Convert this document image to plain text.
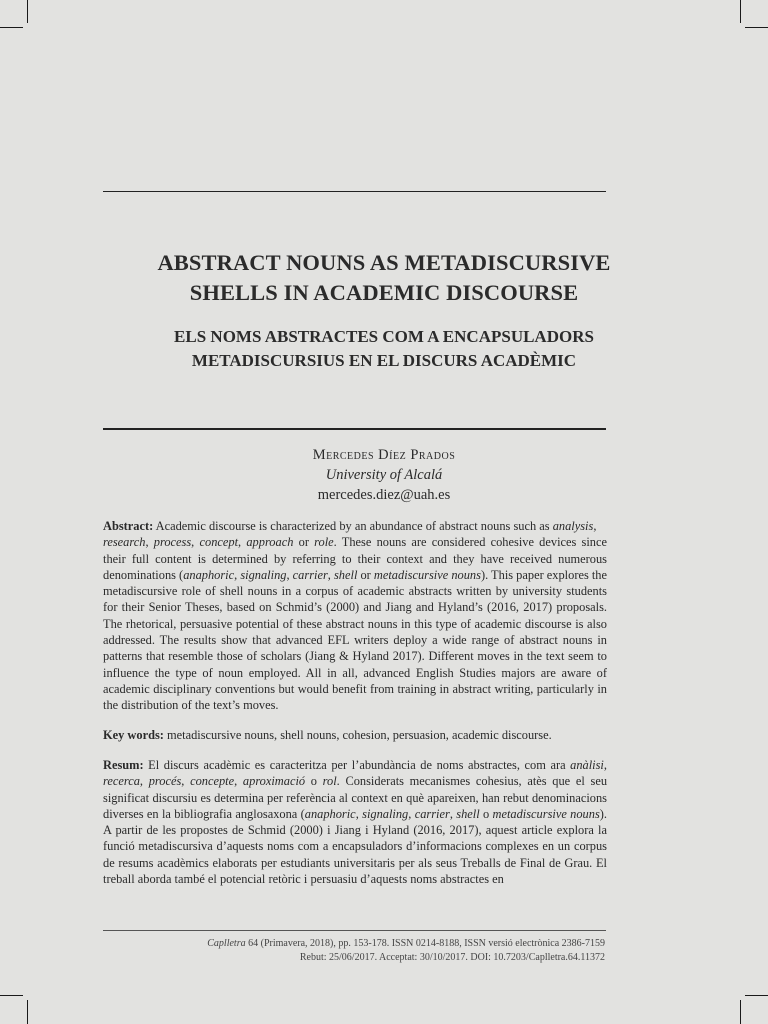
ABSTRACT NOUNS AS METADISCURSIVE
SHELLS IN ACADEMIC DISCOURSE
ELS NOMS ABSTRACTES COM A ENCAPSULADORS
METADISCURSIUS EN EL DISCURS ACADÈMIC
Mercedes Díez Prados
University of Alcalá
mercedes.diez@uah.es
Abstract: Academic discourse is characterized by an abundance of abstract nouns such as analysis, research, process, concept, approach or role. These nouns are considered cohesive devices since their full content is determined by referring to their context and they have received numerous denominations (anaphoric, signaling, carrier, shell or metadiscursive nouns). This paper explores the metadiscursive role of shell nouns in a corpus of academic abstracts written by university students for their Senior Theses, based on Schmid’s (2000) and Jiang and Hyland’s (2016, 2017) proposals. The rhetorical, persuasive potential of these abstract nouns in this type of academic discourse is also addressed. The results show that advanced EFL writers deploy a wide range of abstract nouns in patterns that resemble those of scholars (Jiang & Hyland 2017). Different moves in the text seem to influence the type of noun employed. All in all, advanced English Studies majors are aware of academic disciplinary conventions but would benefit from training in abstract writing, particularly in the distribution of the text’s moves.
Key words: metadiscursive nouns, shell nouns, cohesion, persuasion, academic discourse.
Resum: El discurs acadèmic es caracteritza per l’abundància de noms abstractes, com ara anàlisi, recerca, procés, concepte, aproximació o rol. Considerats mecanismes cohesius, atès que el seu significat discursiu es determina per referència al context en què apareixen, han rebut denominacions diverses en la bibliografia anglosaxona (anaphoric, signaling, carrier, shell o metadiscursive nouns). A partir de les propostes de Schmid (2000) i Jiang i Hyland (2016, 2017), aquest article explora la funció metadiscursiva d’aquests noms com a encapsuladors d’informacions complexes en un corpus de resums acadèmics elaborats per estudiants universitaris per als seus Treballs de Final de Grau. El treball aborda també el potencial retòric i persuasiu d’aquests noms abstractes en
Caplletra 64 (Primavera, 2018), pp. 153-178. ISSN 0214-8188, ISSN versió electrònica 2386-7159
Rebut: 25/06/2017. Acceptat: 30/10/2017. DOI: 10.7203/Caplletra.64.11372
